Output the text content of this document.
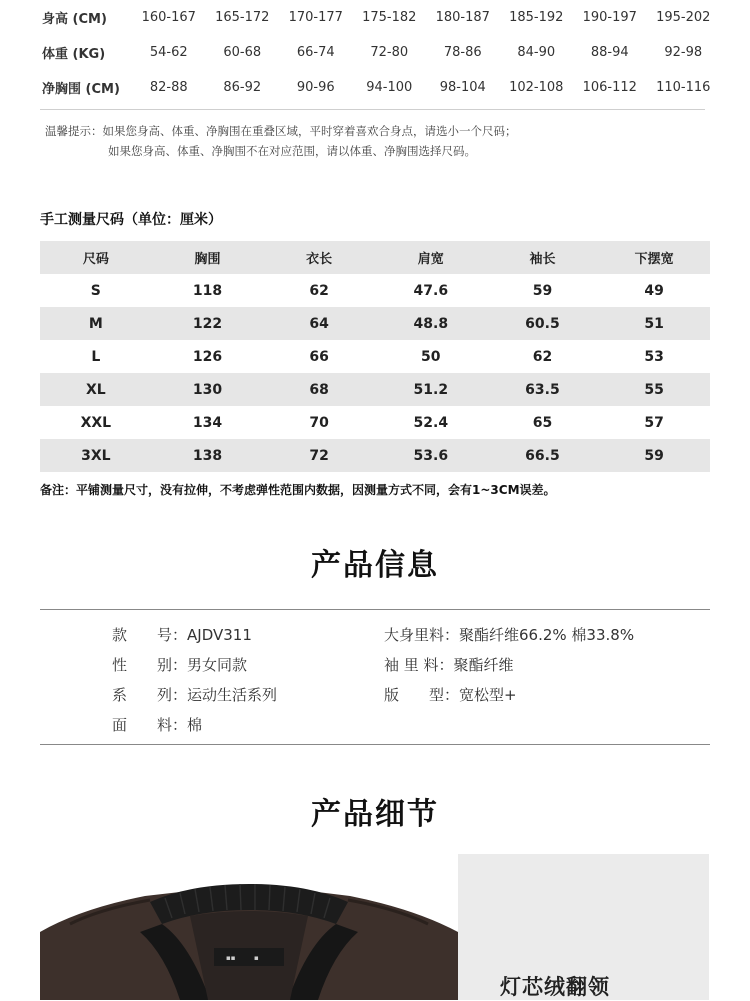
身高 (CM)	160-167	165-172	170-177	175-182	180-187	185-192	190-197	195-202
体重 (KG)	54-62	60-68	66-74	72-80	78-86	84-90	88-94	92-98
净胸围 (CM)	82-88	86-92	90-96	94-100	98-104	102-108	106-112	110-116
温馨提示：如果您身高、体重、净胸围在重叠区域，平时穿着喜欢合身点，请选小一个尺码；
如果您身高、体重、净胸围不在对应范围，请以体重、净胸围选择尺码。
手工测量尺码（单位：厘米）
尺码	胸围	衣长	肩宽	袖长	下摆宽
S	118	62	47.6	59	49
M	122	64	48.8	60.5	51
L	126	66	50	62	53
XL	130	68	51.2	63.5	55
XXL	134	70	52.4	65	57
3XL	138	72	53.6	66.5	59
备注：平铺测量尺寸，没有拉伸，不考虑弹性范围内数据，因测量方式不同，会有1~3CM误差。
产品信息
款　　号：AJDV311	大身里料：聚酯纤维66.2% 棉33.8%
性　　别：男女同款	袖 里 料：聚酯纤维
系　　列：运动生活系列	版　　型：宽松型+
面　　料：棉
产品细节
▪▪	▪
灯芯绒翻领
